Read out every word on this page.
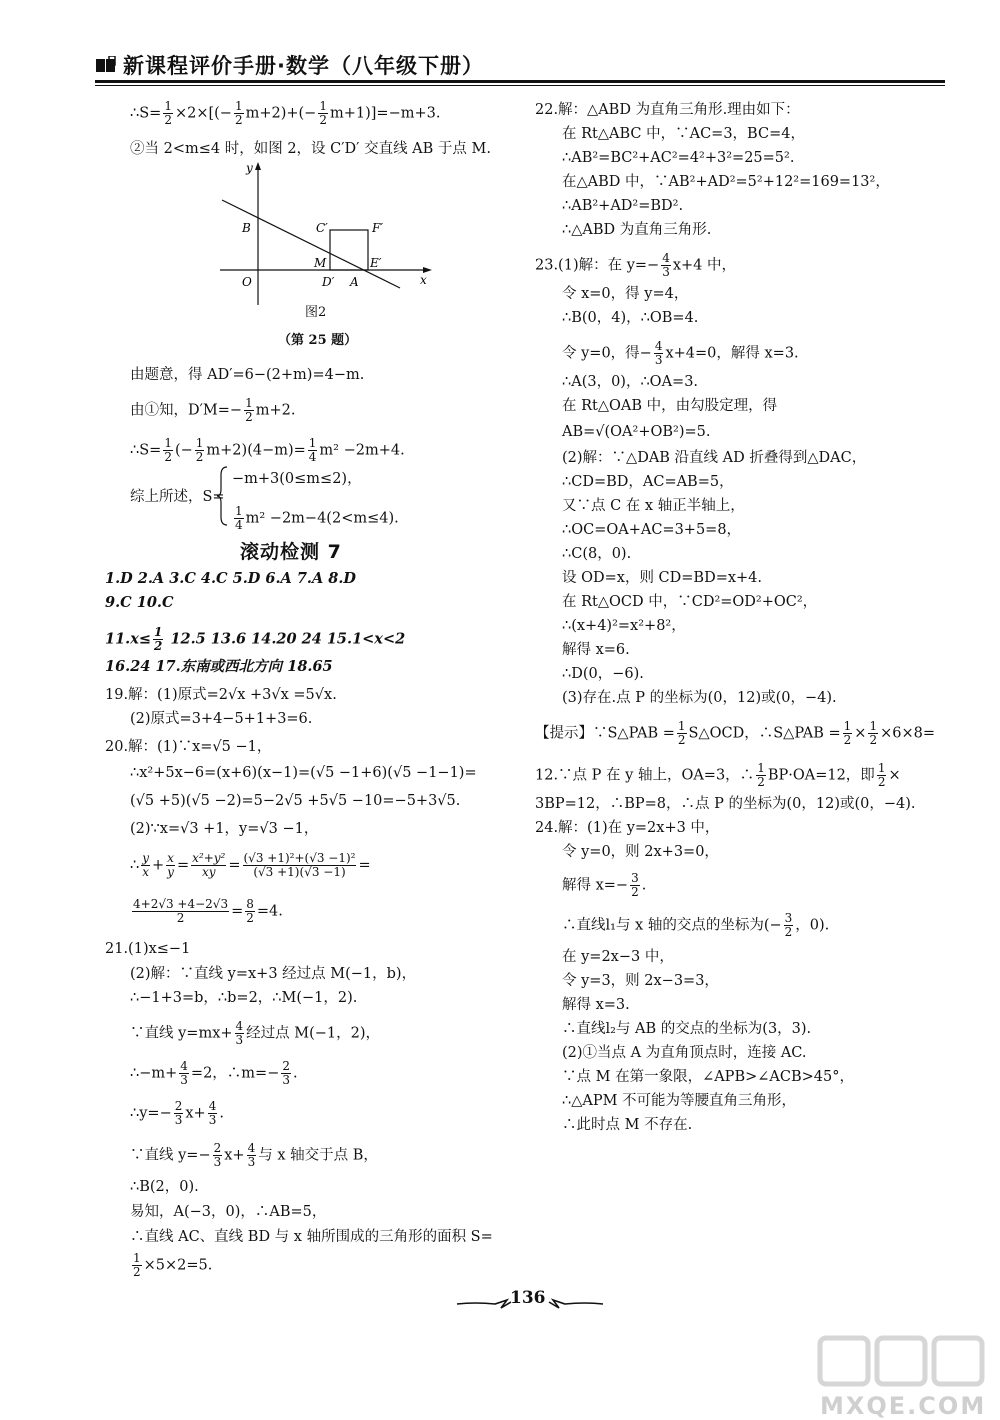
新课程评价手册·数学（八年级下册）
∴S= $\frac{1}{2} \times 2\times[(- \frac{1}{2} m+2)+(- \frac{1}{2} m+1)]=-m+3$.
②当 2<m≤4 时，如图 2，设 C′D′ 交直线 AB 于点 M.
y
x
B
O
C′	F′
M
D′ A
E′
图2
（第 25 题）
由题意，得 AD′=6−(2+m)=4−m.
由①知，$D'M=- \frac{1}{2} m+2$.
∴S= $\frac{1}{2}$ (− $\frac{1}{2} m+2)(4-m)= \frac{1}{4} m^2 -2m+4$.
综上所述，S=
−m+3(0≤m≤2)，
$\frac{1}{4} m^2 -2m-4(2<m\le 4)$.
滚动检测 7
1.D 2.A 3.C 4.C 5.D 6.A 7.A 8.D
9.C 10.C
$11.x\le \frac{1}{2} 12.5$ 13.6 14.20 24 15.1<x<2
16.24 17.东南或西北方向 18.65
19.解：(1)原式=2√x +3√x =5√x.
(2)原式=3+4−5+1+3=6.
20.解：(1)∵x=√5 −1，
∴x²+5x−6=(x+6)(x−1)=(√5 −1+6)(√5 −1−1)=
(√5 +5)(√5 −2)=5−2√5 +5√5 −10=−5+3√5.
(2)∵x=√3 +1，y=√3 −1，
∴ $\frac{y}{x} + \frac{x}{y} = \frac{\text{x²+y²}}{xy} = \frac{\text{(√3 +1)²+(√3 −1)²}}{(√3 +1)(√3 -1)}$ =
$\frac{4+2√3 +4-2√3}{2} = \frac{8}{2} =4$.
21.(1)x≤−1
(2)解：∵直线 y=x+3 经过点 M(−1，b)，
∴−1+3=b，∴b=2，∴M(−1，2).
∵直线 $y=mx+ \frac{4}{3}$ 经过点 M(−1，2)，
∴−m+ $\frac{4}{3} =2$，∴m=− $\frac{2}{3}$ .
∴y=− $\frac{2}{3} x+ \frac{4}{3}$ .
∵直线 $y=- \frac{2}{3} x+ \frac{4}{3}$ 与 x 轴交于点 B，
∴B(2，0).
易知，A(−3，0)，∴AB=5，
∴直线 AC、直线 BD 与 x 轴所围成的三角形的面积 S=
$\frac{1}{2} \times 5\times 2=5$.
22.解：△ABD 为直角三角形.理由如下：
在 Rt△ABC 中，∵AC=3，BC=4，
∴AB²=BC²+AC²=4²+3²=25=5².
在△ABD 中，∵AB²+AD²=5²+12²=169=13²，
∴AB²+AD²=BD².
∴△ABD 为直角三角形.
23.(1)解：在 $y=- \frac{4}{3} x+4$ 中，
令 x=0，得 y=4，
∴B(0，4)，∴OB=4.
令 y=0，得− $\frac{4}{3} x+4=0$，解得 x=3.
∴A(3，0)，∴OA=3.
在 Rt△OAB 中，由勾股定理，得
AB=√(OA²+OB²)=5.
(2)解：∵△DAB 沿直线 AD 折叠得到△DAC，
∴CD=BD，AC=AB=5，
又∵点 C 在 x 轴正半轴上，
∴OC=OA+AC=3+5=8，
∴C(8，0).
设 OD=x，则 CD=BD=x+4.
在 Rt△OCD 中，∵CD²=OD²+OC²，
∴(x+4)²=x²+8²，
解得 x=6.
∴D(0，−6).
(3)存在.点 P 的坐标为(0，12)或(0，−4).
【提示】∵S△PAB = $\frac{1}{2}$ S△OCD，∴S△PAB = $\frac{1}{2} \times \frac{1}{2} \times 6\times 8=$
12.∵点 P 在 y 轴上，OA=3，∴ $\frac{1}{2} BP\cdot OA=12$，即 $\frac{1}{2}$ ×
3BP=12，∴BP=8，∴点 P 的坐标为(0，12)或(0，−4).
24.解：(1)在 y=2x+3 中，
令 y=0，则 2x+3=0，
解得 $x=- \frac{3}{2}$ .
∴直线l₁与 x 轴的交点的坐标为(− $\frac{3}{2}$ ，0).
在 y=2x−3 中，
令 y=3，则 2x−3=3，
解得 x=3.
∴直线l₂与 AB 的交点的坐标为(3，3).
(2)①当点 A 为直角顶点时，连接 AC.
∵点 M 在第一象限，∠APB>∠ACB>45°，
∴△APM 不可能为等腰直角三角形，
∴此时点 M 不存在.
136
MXQE.COM
